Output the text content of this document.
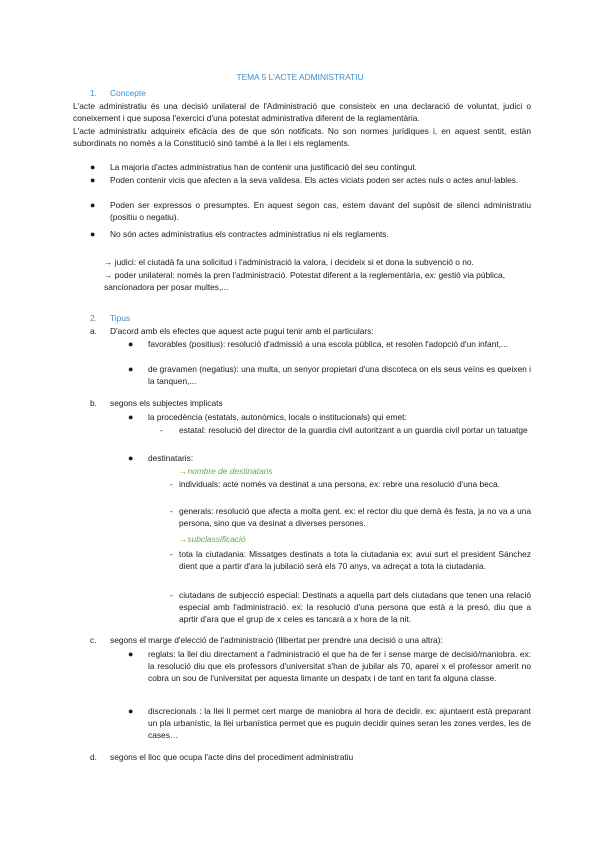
TEMA 5 L'ACTE ADMINISTRATIU
1. Concepte
L'acte administratiu és una decisió unilateral de l'Administració que consisteix en una declaració de voluntat, judici o coneixement i que suposa l'exercici d'una potestat administrativa diferent de la reglamentària.
L'acte administratiu adquireix eficàcia des de que són notificats. No son normes jurídiques i, en aquest sentit, estàn subordinats no només a la Constitució sinó també a la llei i els reglaments.
● La majoria d'actes administratius han de contenir una justificació del seu contingut.
● Poden contenir vicis que afecten a la seva validesa. Els actes viciats poden ser actes nuls o actes anul·lables.
● Poden ser expressos o presumptes. En aquest segon cas, estem davant del supòsit de silenci administratiu (positiu o negatiu).
● No són actes administratius els contractes administratius ni els reglaments.
→ judici: el ciutadà fa una solicitud i l'administració la valora, i decideix si et dona la subvenció o no.
→ poder unilateral: només la pren l'administració. Potestat diferent a la reglementària, ex: gestió via pública, sancionadora per posar multes,...
2. Tipus
a. D'acord amb els efectes que aquest acte pugui tenir amb el particulars:
● favorables (positius): resolució d'admissió a una escola pública, et resolen l'adopció d'un infant,...
● de gravamen (negatius): una multa, un senyor propietari d'una discoteca on els seus veïns es queixen i la tanquen,...
b. segons els subjectes implicats
● la procedència (estatals, autonòmics, locals o institucionals) qui emet:
- estatal: resolució del director de la guardia civil autoritzant a un guardia civil portar un tatuatge
● destinataris:
→nombre de destinataris
- individuals: acte només va destinat a una persona, ex: rebre una resolució d'una beca.
- generals: resolució que afecta a molta gent. ex: el rector diu que demà és festa, ja no va a una persona, sino que va desinat a diverses persones.
→subclassificació
- tota la ciutadania: Missatges destinats a tota la ciutadania ex: avui surt el president Sánchez dient que a partir d'ara la jubilació serà els 70 anys, va adreçat a tota la ciutadania.
- ciutadans de subjecció especial: Destinats a aquella part dels ciutadans que tenen una relació especial amb l'administració. ex: la resolució d'una persona que està a la presó, diu que a aprtir d'ara que el grup de x celes es tancarà a x hora de la nit.
c. segons el marge d'elecció de l'administració (llibertat per prendre una decisió o una altra):
● reglats: la llei diu directament a l'administració el que ha de fer i sense marge de decisió/maniobra. ex: la resolució diu que els professors d'universitat s'han de jubilar als 70, aparei x el professor amerit no cobra un sou de l'universitat per aquesta limante un despatx i de tant en tant fa alguna classe.
● discrecionals : la llei li permet cert marge de maniobra al hora de decidir. ex: ajuntaent està preparant un pla urbanístic, la llei urbanística permet que es puguin decidir quines seran les zones verdes, les de cases…
d. segons el lloc que ocupa l'acte dins del procediment administratiu
